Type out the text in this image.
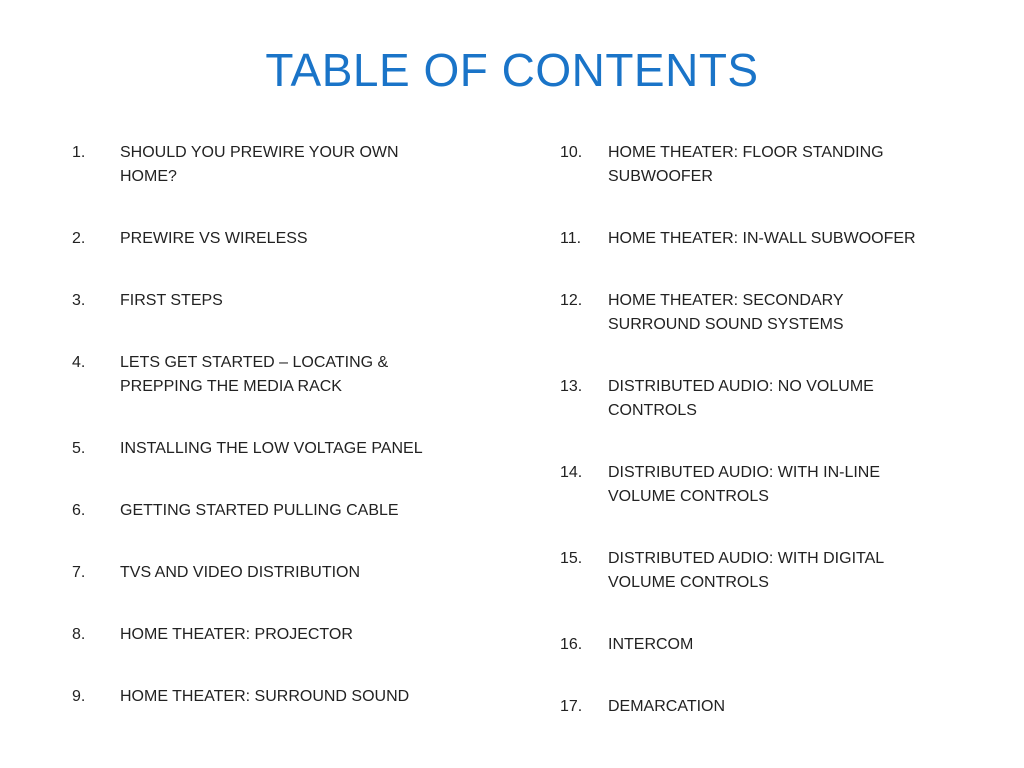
TABLE OF CONTENTS
1.	SHOULD YOU PREWIRE YOUR OWN HOME?
2.	PREWIRE VS WIRELESS
3.	FIRST STEPS
4.	LETS GET STARTED – LOCATING & PREPPING THE MEDIA RACK
5.	INSTALLING THE LOW VOLTAGE PANEL
6.	GETTING STARTED PULLING CABLE
7.	TVS AND VIDEO DISTRIBUTION
8.	HOME THEATER: PROJECTOR
9.	HOME THEATER: SURROUND SOUND
10.	HOME THEATER: FLOOR STANDING SUBWOOFER
11.	HOME THEATER: IN-WALL SUBWOOFER
12.	HOME THEATER: SECONDARY SURROUND SOUND SYSTEMS
13.	DISTRIBUTED AUDIO: NO VOLUME CONTROLS
14.	DISTRIBUTED AUDIO: WITH IN-LINE VOLUME CONTROLS
15.	DISTRIBUTED AUDIO: WITH DIGITAL VOLUME CONTROLS
16.	INTERCOM
17.	DEMARCATION
